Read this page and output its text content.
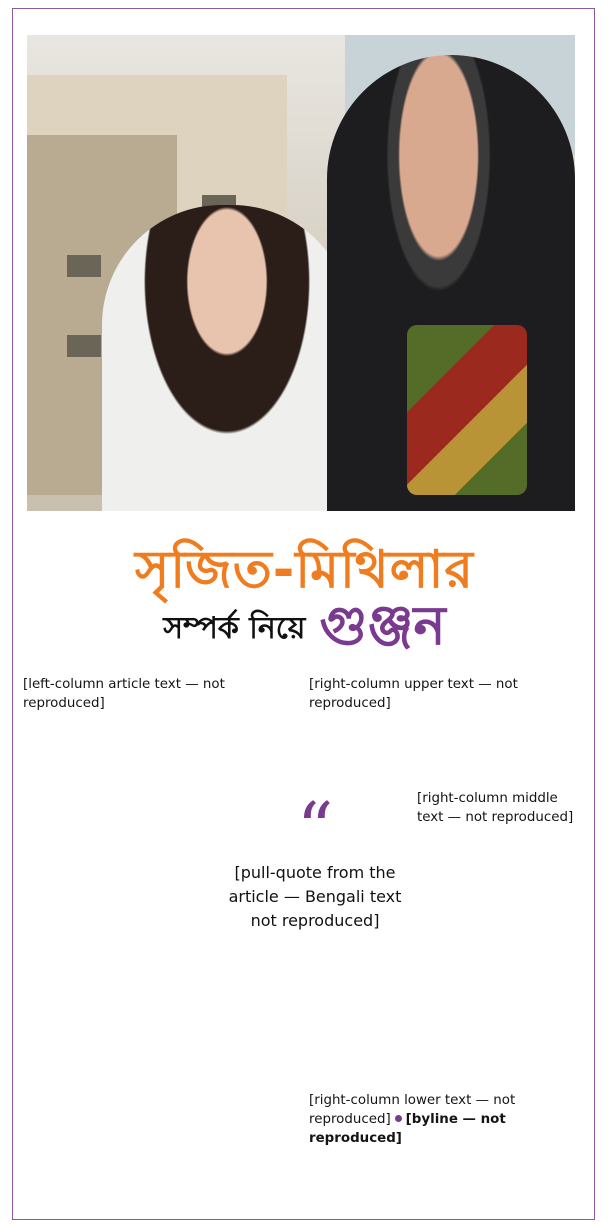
সৃজিত-মিথিলার
সম্পর্ক নিয়ে গুঞ্জন

[left-column article text — not reproduced]

[right-column upper text — not reproduced]

[right-column middle text — not reproduced]

“
[pull-quote from the article — Bengali text not reproduced]

[right-column lower text — not reproduced] [byline — not reproduced]
